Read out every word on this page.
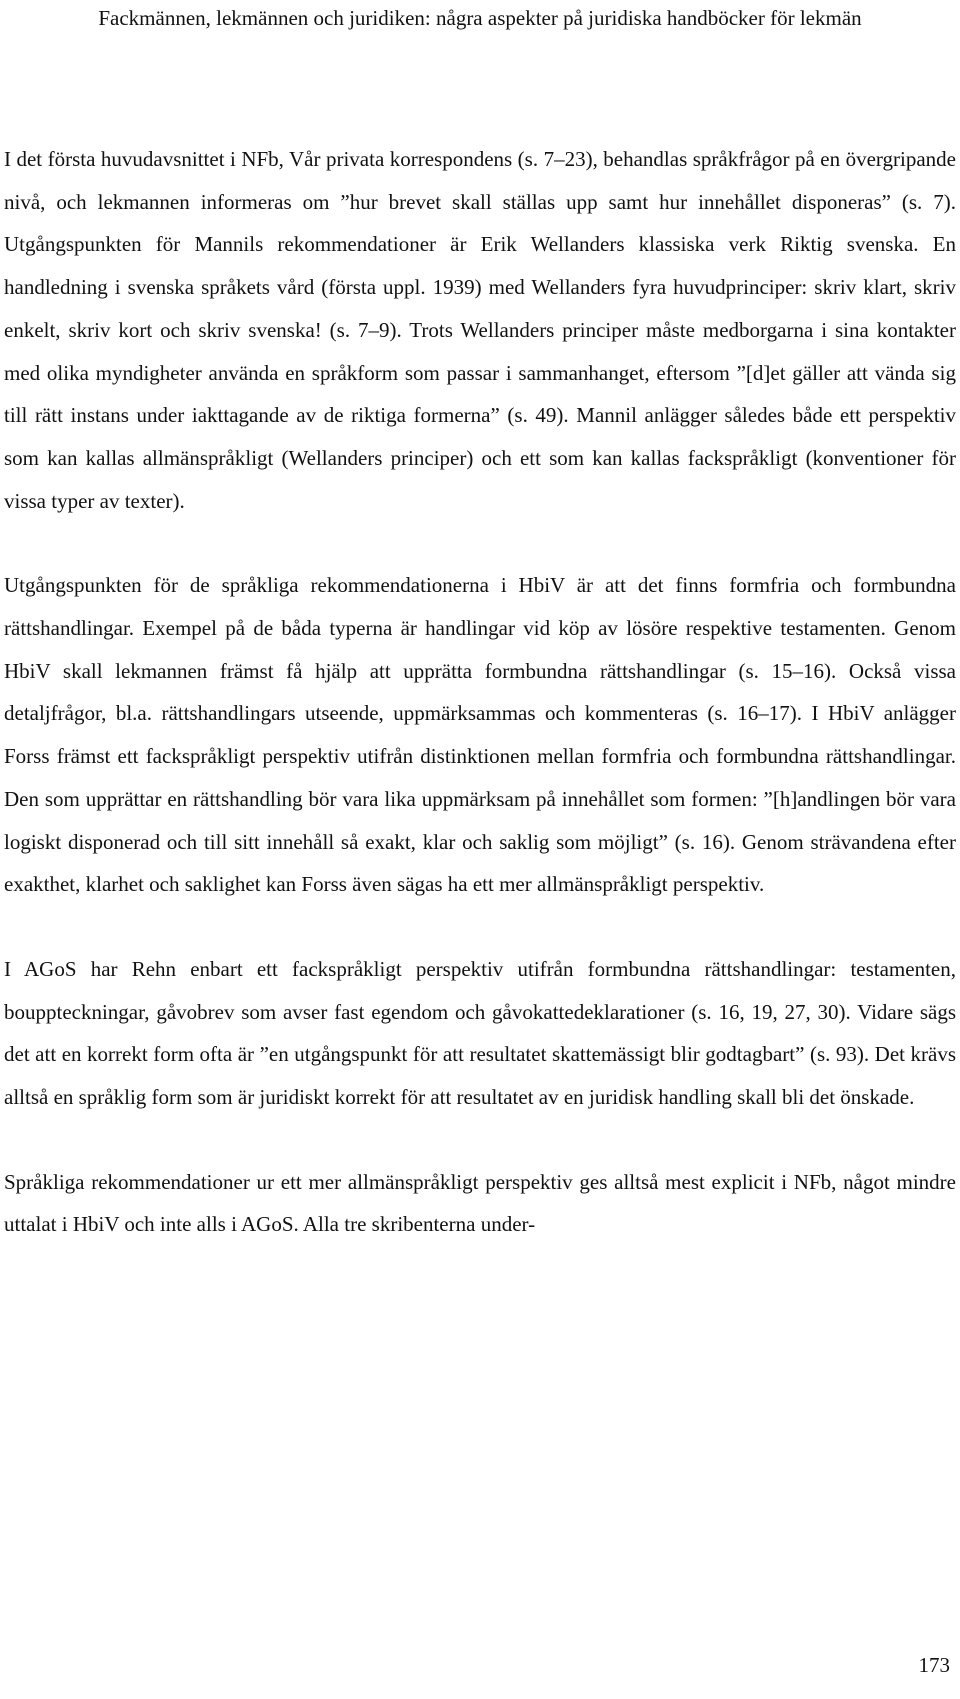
Fackmännen, lekmännen och juridiken: några aspekter på juridiska handböcker för lekmän

I det första huvudavsnittet i NFb, Vår privata korrespondens (s. 7–23), behandlas språkfrågor på en övergripande nivå, och lekmannen informeras om ”hur brevet skall ställas upp samt hur innehållet disponeras” (s. 7). Utgångspunkten för Mannils rekommendationer är Erik Wellanders klassiska verk Riktig svenska. En handledning i svenska språkets vård (första uppl. 1939) med Wellanders fyra huvudprinciper: skriv klart, skriv enkelt, skriv kort och skriv svenska! (s. 7–9). Trots Wellanders principer måste medborgarna i sina kontakter med olika myndigheter använda en språkform som passar i sammanhanget, eftersom ”[d]et gäller att vända sig till rätt instans under iakttagande av de riktiga formerna” (s. 49). Mannil anlägger således både ett perspektiv som kan kallas allmänspråkligt (Wellanders principer) och ett som kan kallas fackspråkligt (konventioner för vissa typer av texter).

Utgångspunkten för de språkliga rekommendationerna i HbiV är att det finns formfria och formbundna rättshandlingar. Exempel på de båda typerna är handlingar vid köp av lösöre respektive testamenten. Genom HbiV skall lekmannen främst få hjälp att upprätta formbundna rättshandlingar (s. 15–16). Också vissa detaljfrågor, bl.a. rättshandlingars utseende, uppmärksammas och kommenteras (s. 16–17). I HbiV anlägger Forss främst ett fackspråkligt perspektiv utifrån distinktionen mellan formfria och formbundna rättshandlingar. Den som upprättar en rättshandling bör vara lika uppmärksam på innehållet som formen: ”[h]andlingen bör vara logiskt disponerad och till sitt innehåll så exakt, klar och saklig som möjligt” (s. 16). Genom strävandena efter exakthet, klarhet och saklighet kan Forss även sägas ha ett mer allmänspråkligt perspektiv.

I AGoS har Rehn enbart ett fackspråkligt perspektiv utifrån formbundna rättshandlingar: testamenten, bouppteckningar, gåvobrev som avser fast egendom och gåvokattedeklarationer (s. 16, 19, 27, 30). Vidare sägs det att en korrekt form ofta är ”en utgångspunkt för att resultatet skattemässigt blir godtagbart” (s. 93). Det krävs alltså en språklig form som är juridiskt korrekt för att resultatet av en juridisk handling skall bli det önskade.

Språkliga rekommendationer ur ett mer allmänspråkligt perspektiv ges alltså mest explicit i NFb, något mindre uttalat i HbiV och inte alls i AGoS. Alla tre skribenterna under-

173
